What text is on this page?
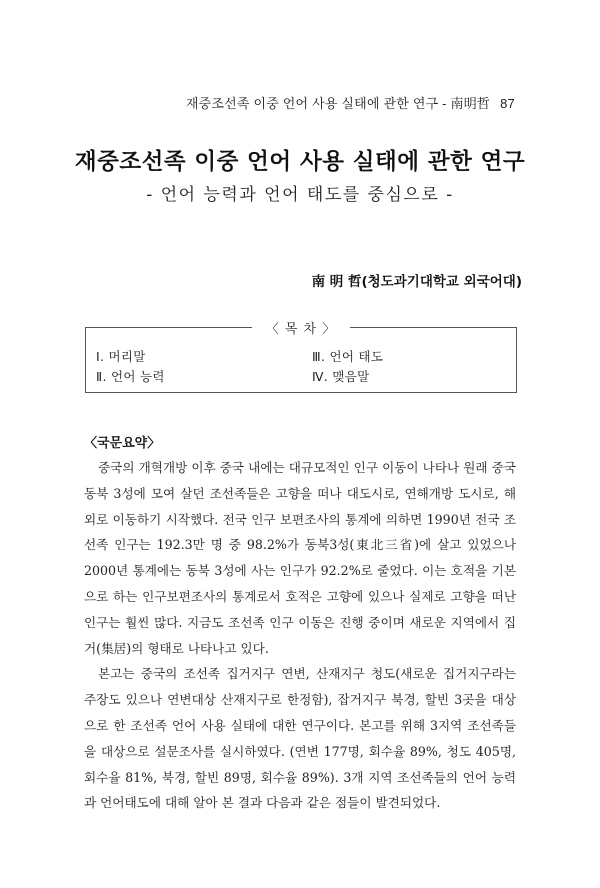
재중조선족 이중 언어 사용 실태에 관한 연구 - 南明哲 87
재중조선족 이중 언어 사용 실태에 관한 연구
- 언어 능력과 언어 태도를 중심으로 -
南 明 哲(청도과기대학교 외국어대)
〈 목 차 〉
Ⅰ. 머리말	Ⅲ. 언어 태도
Ⅱ. 언어 능력	Ⅳ. 맺음말
〈국문요약〉

중국의 개혁개방 이후 중국 내에는 대규모적인 인구 이동이 나타나 원래 중국 동북 3성에 모여 살던 조선족들은 고향을 떠나 대도시로, 연해개방 도시로, 해외로 이동하기 시작했다. 전국 인구 보편조사의 통계에 의하면 1990년 전국 조선족 인구는 192.3만 명 중 98.2%가 동북3성(東北三省)에 살고 있었으나 2000년 통계에는 동북 3성에 사는 인구가 92.2%로 줄었다. 이는 호적을 기본으로 하는 인구보편조사의 통계로서 호적은 고향에 있으나 실제로 고향을 떠난 인구는 훨씬 많다. 지금도 조선족 인구 이동은 진행 중이며 새로운 지역에서 집거(集居)의 형태로 나타나고 있다.

본고는 중국의 조선족 집거지구 연변, 산재지구 청도(새로운 집거지구라는 주장도 있으나 연변대상 산재지구로 한정함), 잡거지구 북경, 할빈 3곳을 대상으로 한 조선족 언어 사용 실태에 대한 연구이다. 본고를 위해 3지역 조선족들을 대상으로 설문조사를 실시하였다. (연변 177명, 회수율 89%, 청도 405명, 회수율 81%, 북경, 할빈 89명, 회수율 89%). 3개 지역 조선족들의 언어 능력과 언어태도에 대해 알아 본 결과 다음과 같은 점들이 발견되었다.
